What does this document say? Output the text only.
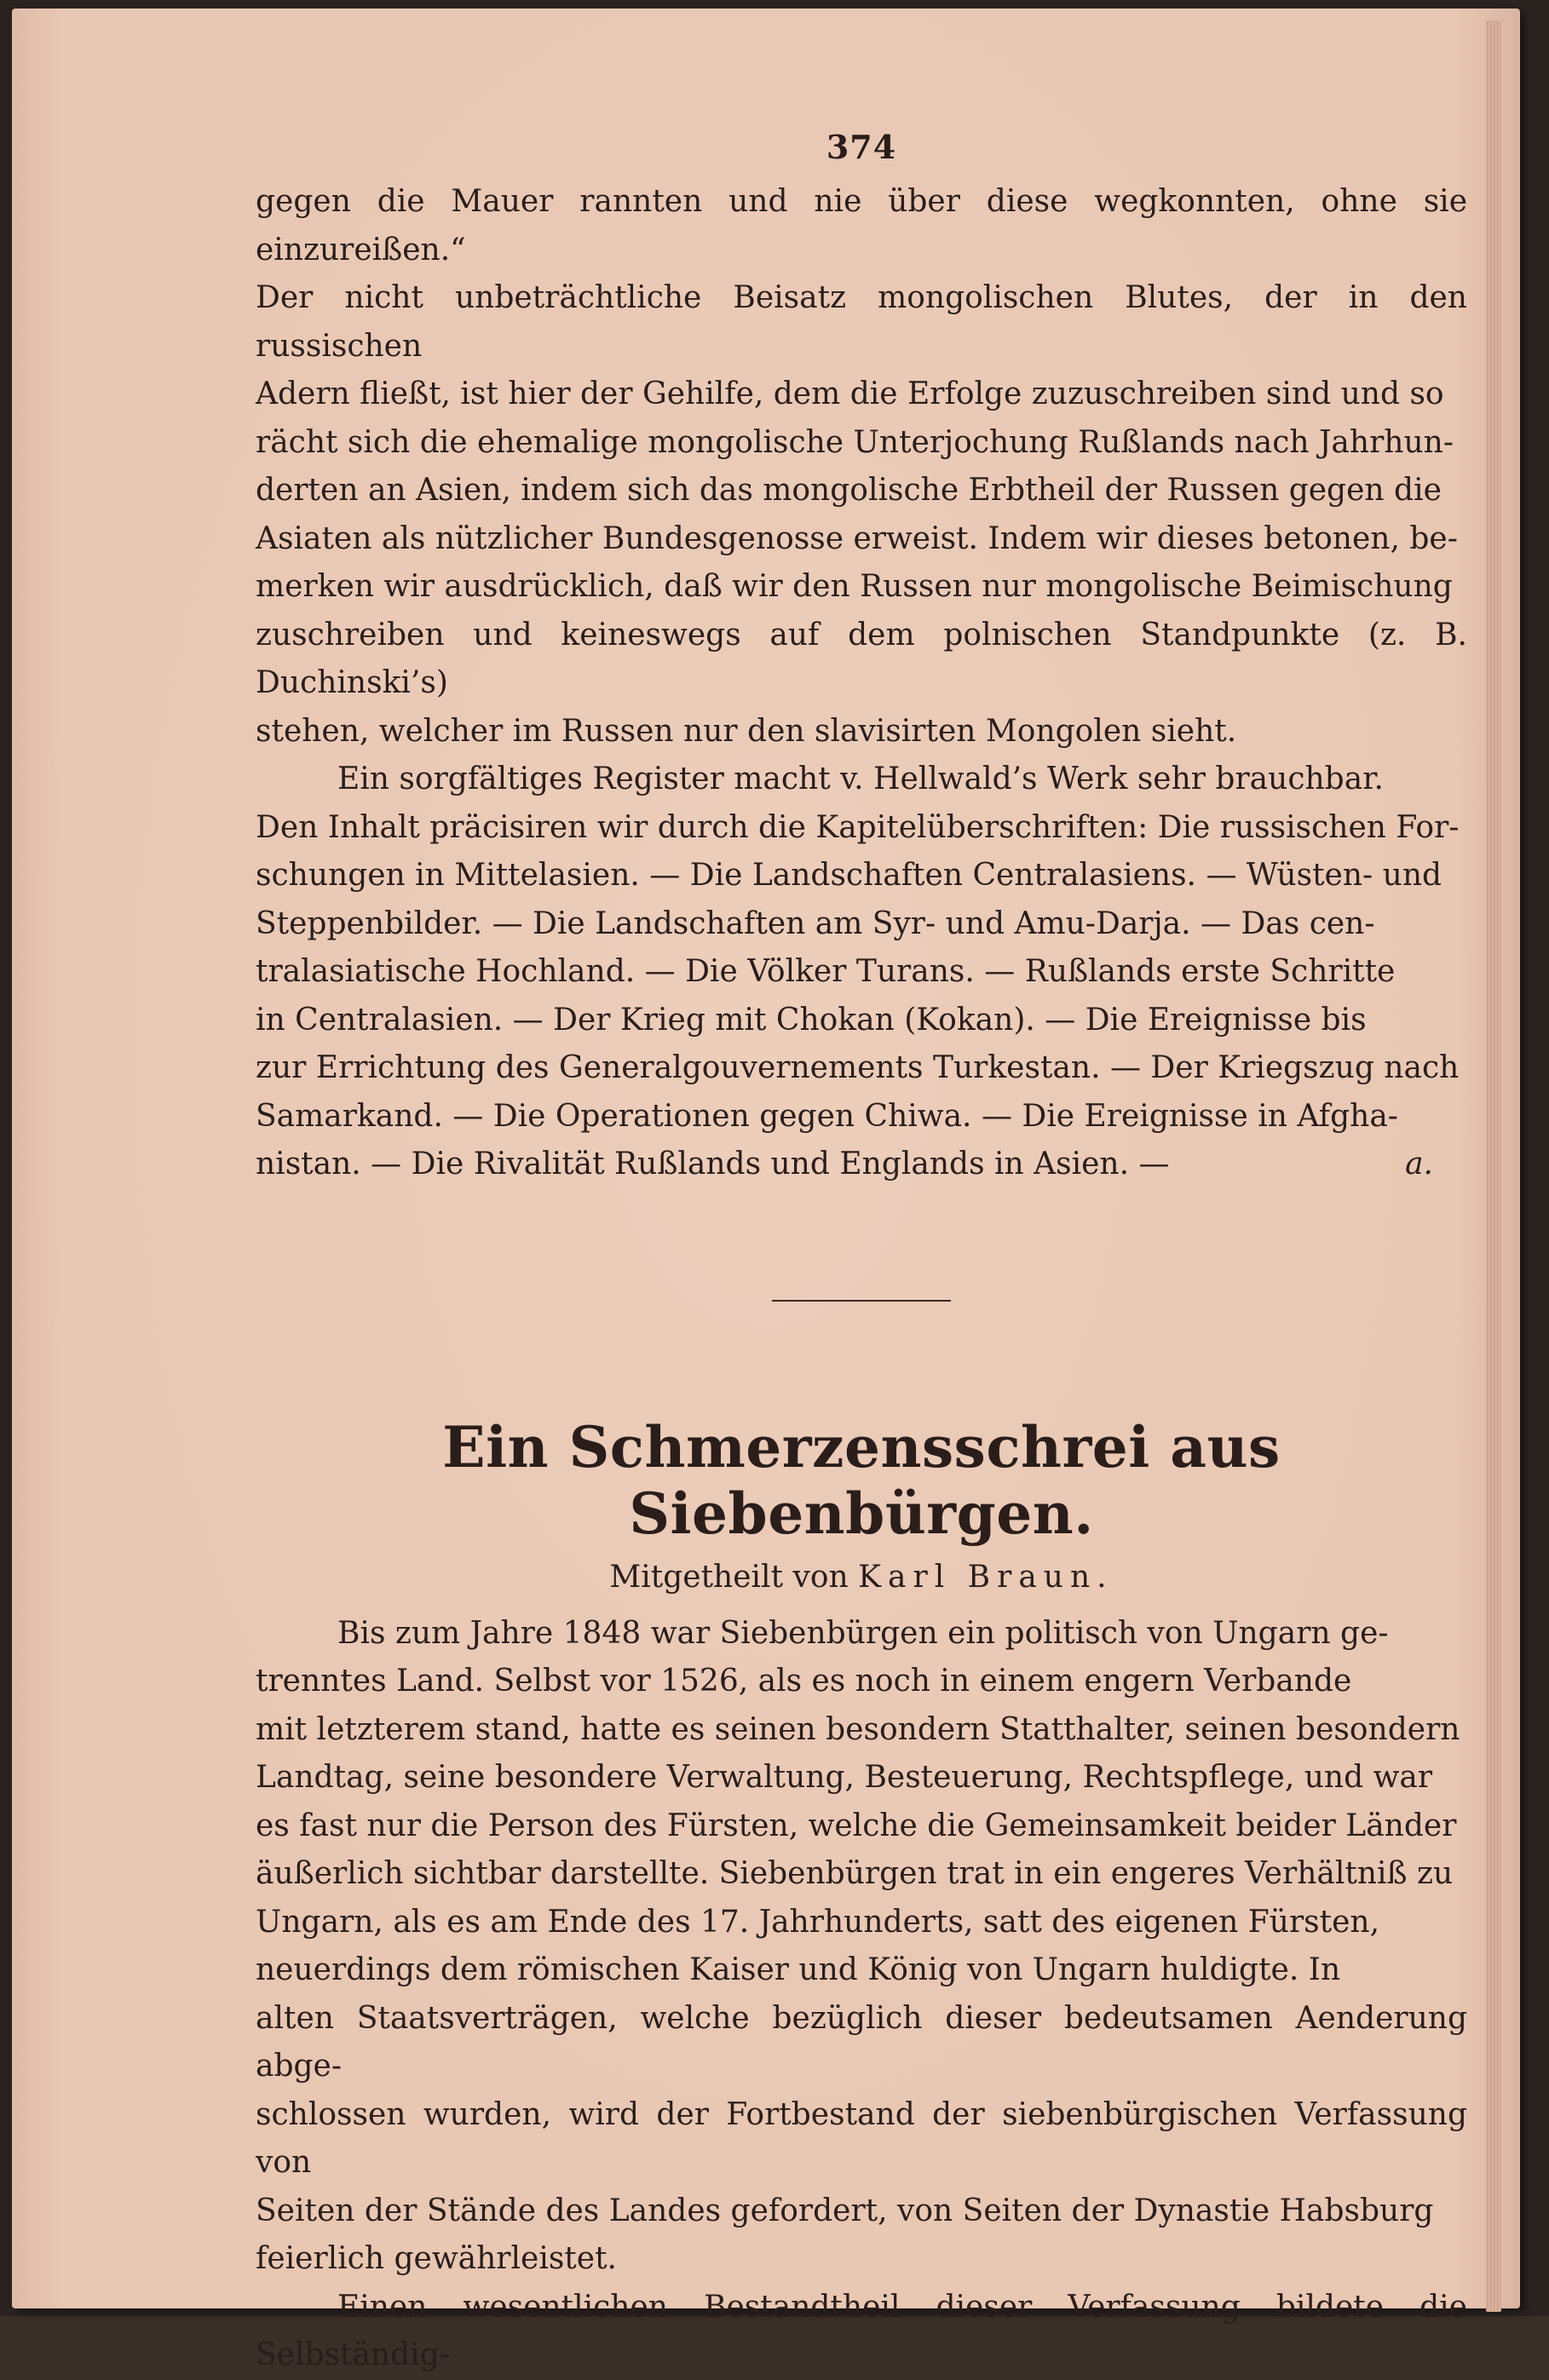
374

gegen die Mauer rannten und nie über diese wegkonnten, ohne sie einzureißen.“

Der nicht unbeträchtliche Beisatz mongolischen Blutes, der in den russischen

Adern fließt, ist hier der Gehilfe, dem die Erfolge zuzuschreiben sind und so

rächt sich die ehemalige mongolische Unterjochung Rußlands nach Jahrhun-

derten an Asien, indem sich das mongolische Erbtheil der Russen gegen die

Asiaten als nützlicher Bundesgenosse erweist. Indem wir dieses betonen, be-

merken wir ausdrücklich, daß wir den Russen nur mongolische Beimischung

zuschreiben und keineswegs auf dem polnischen Standpunkte (z. B. Duchinski’s)

stehen, welcher im Russen nur den slavisirten Mongolen sieht.

Ein sorgfältiges Register macht v. Hellwald’s Werk sehr brauchbar.

Den Inhalt präcisiren wir durch die Kapitelüberschriften: Die russischen For-

schungen in Mittelasien. — Die Landschaften Centralasiens. — Wüsten- und

Steppenbilder. — Die Landschaften am Syr- und Amu-Darja. — Das cen-

tralasiatische Hochland. — Die Völker Turans. — Rußlands erste Schritte

in Centralasien. — Der Krieg mit Chokan (Kokan). — Die Ereignisse bis

zur Errichtung des Generalgouvernements Turkestan. — Der Kriegszug nach

Samarkand. — Die Operationen gegen Chiwa. — Die Ereignisse in Afgha-

nistan. — Die Rivalität Rußlands und Englands in Asien. —	a.
Ein Schmerzensschrei aus Siebenbürgen.
Mitgetheilt von Karl Braun.

Bis zum Jahre 1848 war Siebenbürgen ein politisch von Ungarn ge-

trenntes Land. Selbst vor 1526, als es noch in einem engern Verbande

mit letzterem stand, hatte es seinen besondern Statthalter, seinen besondern

Landtag, seine besondere Verwaltung, Besteuerung, Rechtspflege, und war

es fast nur die Person des Fürsten, welche die Gemeinsamkeit beider Länder

äußerlich sichtbar darstellte. Siebenbürgen trat in ein engeres Verhältniß zu

Ungarn, als es am Ende des 17. Jahrhunderts, satt des eigenen Fürsten,

neuerdings dem römischen Kaiser und König von Ungarn huldigte. In

alten Staatsverträgen, welche bezüglich dieser bedeutsamen Aenderung abge-

schlossen wurden, wird der Fortbestand der siebenbürgischen Verfassung von

Seiten der Stände des Landes gefordert, von Seiten der Dynastie Habsburg

feierlich gewährleistet.

Einen wesentlichen Bestandtheil dieser Verfassung bildete die Selbständig-
